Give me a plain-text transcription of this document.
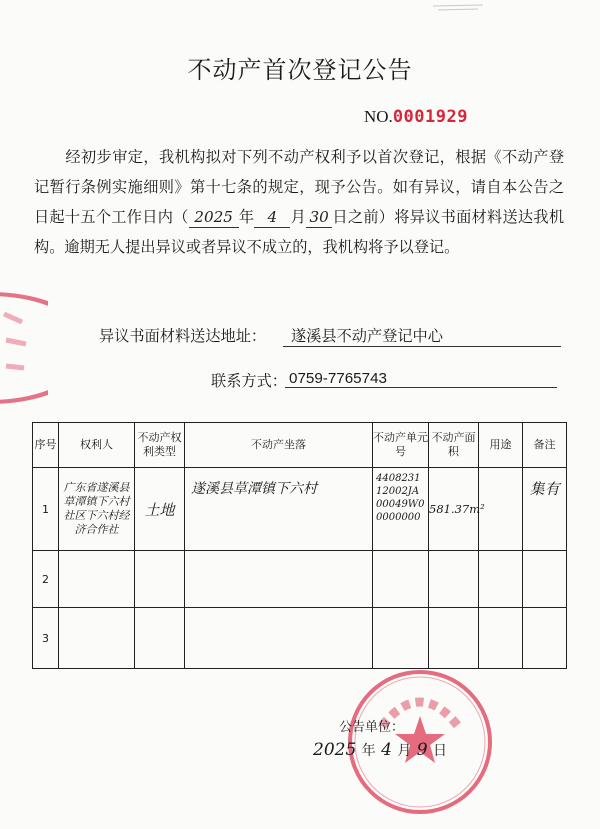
不动产首次登记公告
NO.0001929
经初步审定，我机构拟对下列不动产权利予以首次登记，根据《不动产登记暂行条例实施细则》第十七条的规定，现予公告。如有异议，请自本公告之日起十五个工作日内（ 2025 年 4 月 30 日之前）将异议书面材料送达我机构。逾期无人提出异议或者异议不成立的，我机构将予以登记。
异议书面材料送达地址：	遂溪县不动产登记中心
联系方式： 0759-7765743
序号	权利人	不动产权利类型	不动产坐落	不动产单元号	不动产面积	用途	备注
1	广东省遂溪县草潭镇下六村社区下六村经济合作社	土地	遂溪县草潭镇下六村	440823112002JA00049W00000000	581.37m²		集有
2							
3							
公告单位：
2025 年 4 月 9 日
